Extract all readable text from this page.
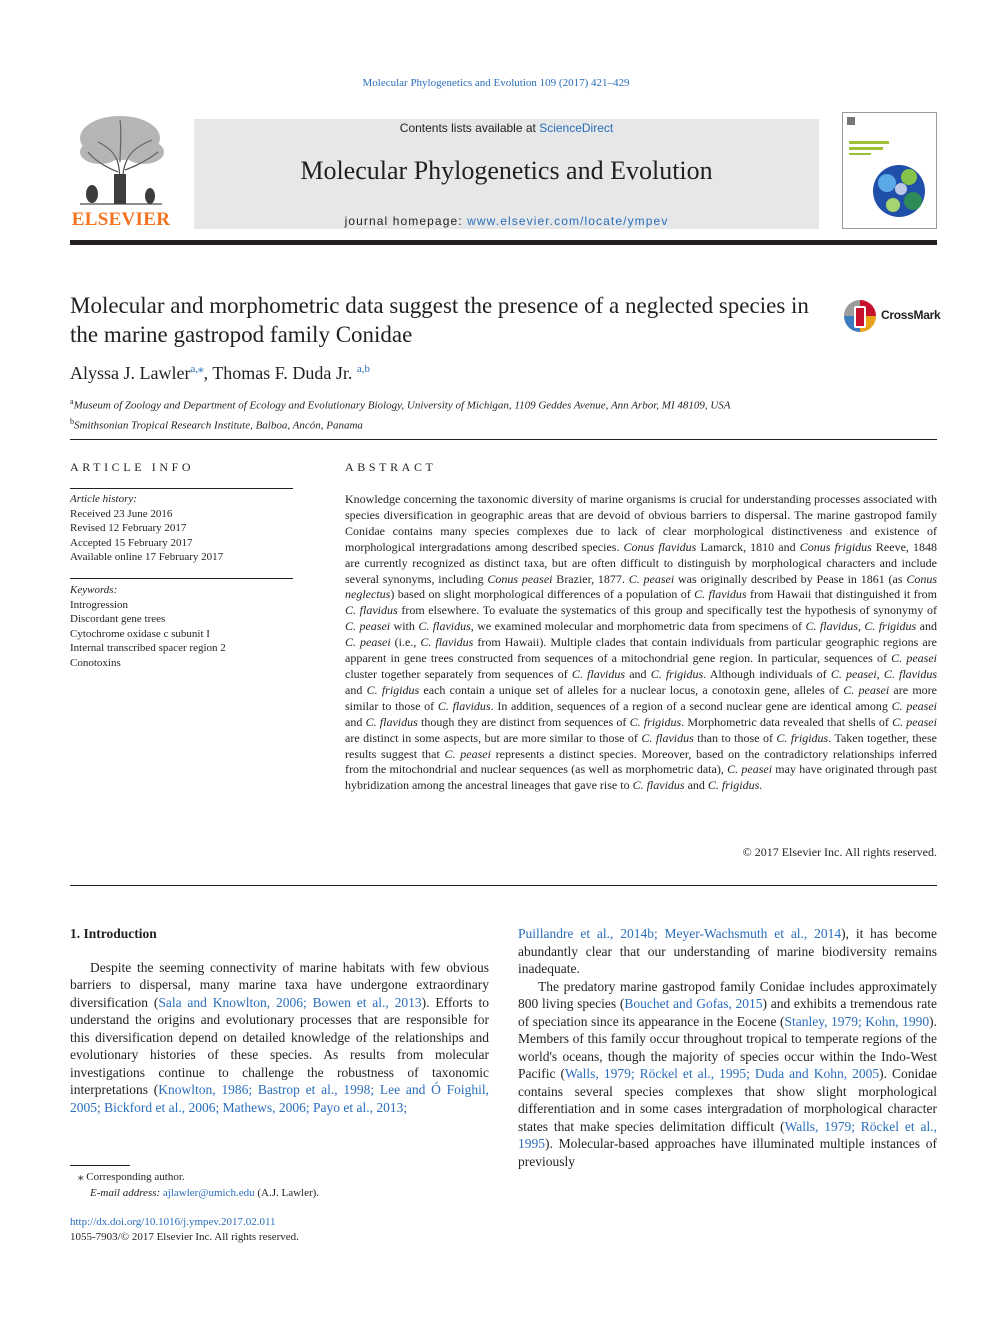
Molecular Phylogenetics and Evolution 109 (2017) 421–429
ELSEVIER
Contents lists available at ScienceDirect
Molecular Phylogenetics and Evolution
journal homepage: www.elsevier.com/locate/ympev
Molecular and morphometric data suggest the presence of a neglected species in the marine gastropod family Conidae
CrossMark
Alyssa J. Lawler$^{a,⁎}$, Thomas F. Duda Jr. $^{a,b}$
$^a$Museum of Zoology and Department of Ecology and Evolutionary Biology, University of Michigan, 1109 Geddes Avenue, Ann Arbor, MI 48109, USA
$^b$Smithsonian Tropical Research Institute, Balboa, Ancón, Panama
ARTICLE INFO	ABSTRACT
Article history:
Received 23 June 2016
Revised 12 February 2017
Accepted 15 February 2017
Available online 17 February 2017
Keywords:
Introgression
Discordant gene trees
Cytochrome oxidase c subunit I
Internal transcribed spacer region 2
Conotoxins
Knowledge concerning the taxonomic diversity of marine organisms is crucial for understanding processes associated with species diversification in geographic areas that are devoid of obvious barriers to dispersal. The marine gastropod family Conidae contains many species complexes due to lack of clear morphological distinctiveness and existence of morphological intergradations among described species. Conus flavidus Lamarck, 1810 and Conus frigidus Reeve, 1848 are currently recognized as distinct taxa, but are often difficult to distinguish by morphological characters and include several synonyms, including Conus peasei Brazier, 1877. C. peasei was originally described by Pease in 1861 (as Conus neglectus) based on slight morphological differences of a population of C. flavidus from Hawaii that distinguished it from C. flavidus from elsewhere. To evaluate the systematics of this group and specifically test the hypothesis of synonymy of C. peasei with C. flavidus, we examined molecular and morphometric data from specimens of C. flavidus, C. frigidus and C. peasei (i.e., C. flavidus from Hawaii). Multiple clades that contain individuals from particular geographic regions are apparent in gene trees constructed from sequences of a mitochondrial gene region. In particular, sequences of C. peasei cluster together separately from sequences of C. flavidus and C. frigidus. Although individuals of C. peasei, C. flavidus and C. frigidus each contain a unique set of alleles for a nuclear locus, a conotoxin gene, alleles of C. peasei are more similar to those of C. flavidus. In addition, sequences of a region of a second nuclear gene are identical among C. peasei and C. flavidus though they are distinct from sequences of C. frigidus. Morphometric data revealed that shells of C. peasei are distinct in some aspects, but are more similar to those of C. flavidus than to those of C. frigidus. Taken together, these results suggest that C. peasei represents a distinct species. Moreover, based on the contradictory relationships inferred from the mitochondrial and nuclear sequences (as well as morphometric data), C. peasei may have originated through past hybridization among the ancestral lineages that gave rise to C. flavidus and C. frigidus.
© 2017 Elsevier Inc. All rights reserved.
1. Introduction

Despite the seeming connectivity of marine habitats with few obvious barriers to dispersal, many marine taxa have undergone extraordinary diversification (Sala and Knowlton, 2006; Bowen et al., 2013). Efforts to understand the origins and evolutionary processes that are responsible for this diversification depend on detailed knowledge of the relationships and evolutionary histories of these species. As results from molecular investigations continue to challenge the robustness of taxonomic interpretations (Knowlton, 1986; Bastrop et al., 1998; Lee and Ó Foighil, 2005; Bickford et al., 2006; Mathews, 2006; Payo et al., 2013;

Puillandre et al., 2014b; Meyer-Wachsmuth et al., 2014), it has become abundantly clear that our understanding of marine biodiversity remains inadequate.

The predatory marine gastropod family Conidae includes approximately 800 living species (Bouchet and Gofas, 2015) and exhibits a tremendous rate of speciation since its appearance in the Eocene (Stanley, 1979; Kohn, 1990). Members of this family occur throughout tropical to temperate regions of the world's oceans, though the majority of species occur within the Indo-West Pacific (Walls, 1979; Röckel et al., 1995; Duda and Kohn, 2005). Conidae contains several species complexes that show slight morphological differentiation and in some cases intergradation of morphological character states that make species delimitation difficult (Walls, 1979; Röckel et al., 1995). Molecular-based approaches have illuminated multiple instances of previously

⁎ Corresponding author.
E-mail address: ajlawler@umich.edu (A.J. Lawler).
http://dx.doi.org/10.1016/j.ympev.2017.02.011
1055-7903/© 2017 Elsevier Inc. All rights reserved.
